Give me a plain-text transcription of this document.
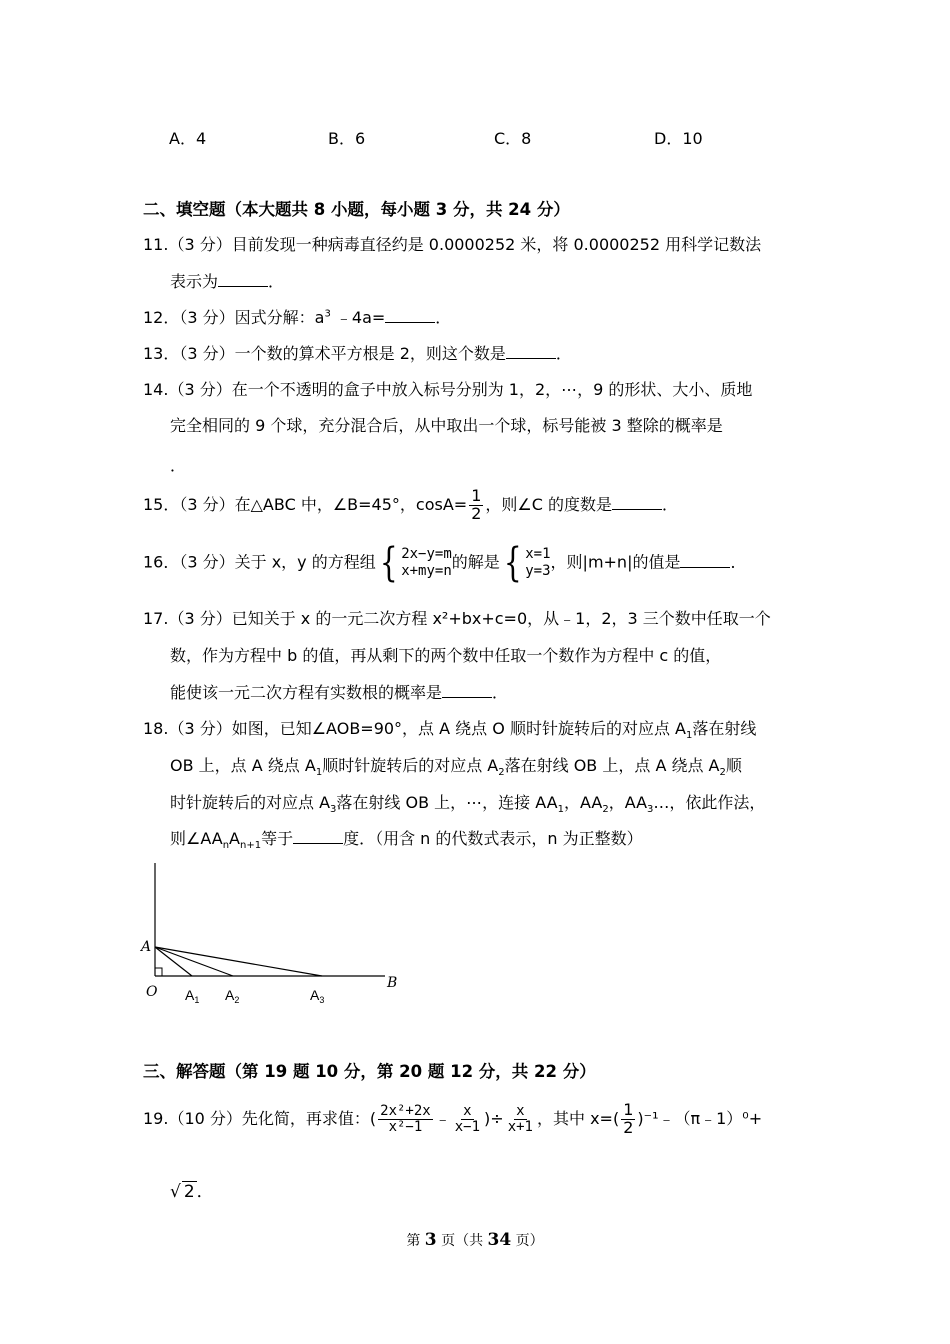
A．4	B．6	C．8	D．10
二、填空题（本大题共 8 小题，每小题 3 分，共 24 分）
11.（3 分）目前发现一种病毒直径约是 0.0000252 米，将 0.0000252 用科学记数法
表示为	．
12．（3 分）因式分解：$a^3$ ﹣4a=	．
13．（3 分）一个数的算术平方根是 2，则这个数是	．
14.（3 分）在一个不透明的盒子中放入标号分别为 1，2，⋯，9 的形状、大小、质地
完全相同的 9 个球，充分混合后，从中取出一个球，标号能被 3 整除的概率是
．
15．（3 分）在△ABC 中，∠B=45°，$\cos A= \frac{1}{2}$ ，则∠C 的度数是	．
16．（3 分）关于 x，y 的方程组{ 2x−y=m
x+my=n 的解是{ x=1
y=3 ，则|m+n|的值是	．
17.（3 分）已知关于 x 的一元二次方程 x²+bx+c=0，从﹣1，2，3 三个数中任取一个
数，作为方程中 b 的值，再从剩下的两个数中任取一个数作为方程中 c 的值，
能使该一元二次方程有实数根的概率是	．
18.（3 分）如图，已知∠AOB=90°，点 A 绕点 O 顺时针旋转后的对应点 $A_1$落在射线
OB 上，点 A 绕点 $A_1$顺时针旋转后的对应点 $A_2$落在射线 OB 上，点 A 绕点 $A_2$顺
时针旋转后的对应点 $A_3$落在射线 OB 上，⋯，连接 $AA_1$，$AA_2$，$AA_3\dots$，依此作法，
则$\angle AA_nA_{n+1}$等于	度．（用含 n 的代数式表示，n 为正整数）
A
O
B
$A_1$ $A_2$	$A_3$
三、解答题（第 19 题 10 分，第 20 题 12 分，共 22 分）
19.（10 分）先化简，再求值：( $\frac{\text{2x²+2x}}{\text{x²−1}}$ ﹣ $\frac{x}{x-1}$ )÷ $\frac{x}{x+1}$ ，其中 $x=( \frac{1}{2}$ )⁻¹﹣（π﹣1）⁰+
√ 2 ．
第 3 页（共 34 页）
